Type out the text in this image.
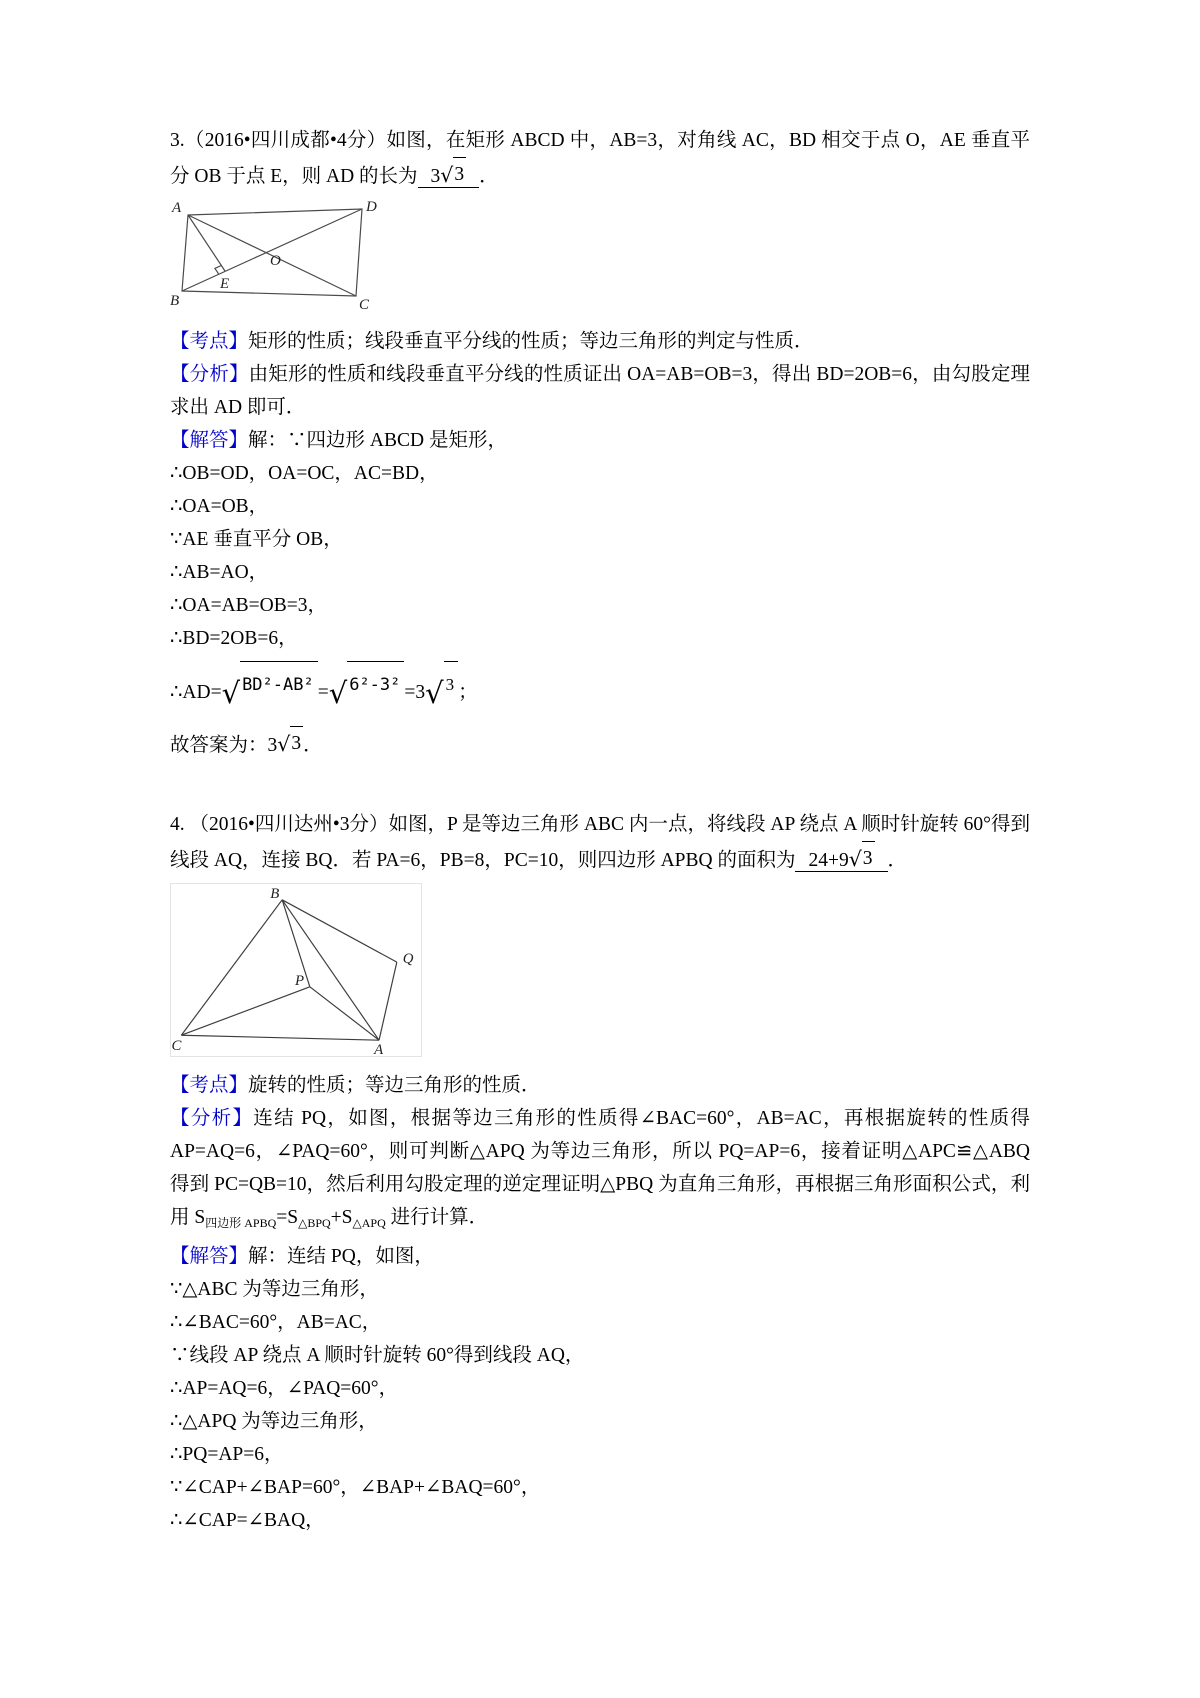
3.（2016•四川成都•4分）如图，在矩形 ABCD 中，AB=3，对角线 AC，BD 相交于点 O，AE 垂直平分 OB 于点 E，则 AD 的长为 3√3 ．

A	D
B	C
O
E

【考点】矩形的性质；线段垂直平分线的性质；等边三角形的判定与性质．

【分析】由矩形的性质和线段垂直平分线的性质证出 OA=AB=OB=3，得出 BD=2OB=6，由勾股定理求出 AD 即可．

【解答】解：∵四边形 ABCD 是矩形，

∴OB=OD，OA=OC，AC=BD，

∴OA=OB，

∵AE 垂直平分 OB，

∴AB=AO，

∴OA=AB=OB=3，

∴BD=2OB=6，

∴AD=√ BD²-AB² =√ 6²-3² =3√ 3 ；

故答案为：3√3 ．

4. （2016•四川达州•3分）如图，P 是等边三角形 ABC 内一点，将线段 AP 绕点 A 顺时针旋转 60°得到线段 AQ，连接 BQ．若 PA=6，PB=8，PC=10，则四边形 APBQ 的面积为 24+9√3 ．

B
C	A
P
Q

【考点】旋转的性质；等边三角形的性质．

【分析】连结 PQ，如图，根据等边三角形的性质得∠BAC=60°，AB=AC，再根据旋转的性质得 AP=AQ=6，∠PAQ=60°，则可判断△APQ 为等边三角形，所以 PQ=AP=6，接着证明△APC≌△ABQ 得到 PC=QB=10，然后利用勾股定理的逆定理证明△PBQ 为直角三角形，再根据三角形面积公式，利用 $S_{四边形 APBQ}=S_{\triangle BPQ}+S_{\triangle APQ}$ 进行计算．

【解答】解：连结 PQ，如图，

∵△ABC 为等边三角形，

∴∠BAC=60°，AB=AC，

∵线段 AP 绕点 A 顺时针旋转 60°得到线段 AQ，

∴AP=AQ=6，∠PAQ=60°，

∴△APQ 为等边三角形，

∴PQ=AP=6，

∵∠CAP+∠BAP=60°，∠BAP+∠BAQ=60°，

∴∠CAP=∠BAQ，
